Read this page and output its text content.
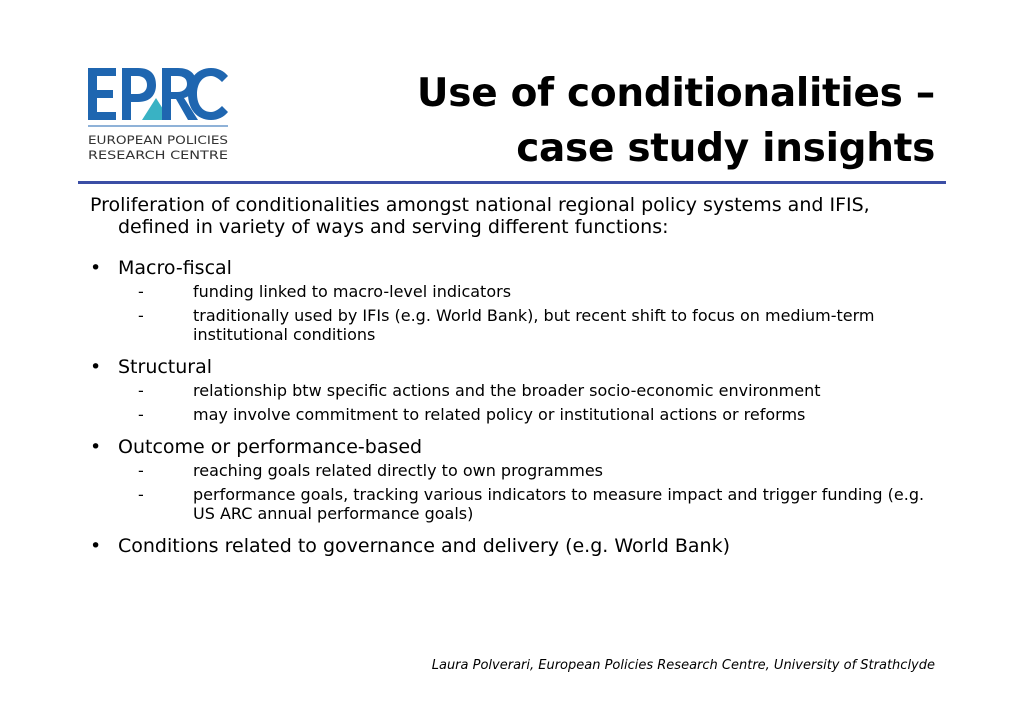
EUROPEAN POLICIES
RESEARCH CENTRE
Use of conditionalities –
case study insights
Proliferation of conditionalities amongst national regional policy systems and IFIS, defined in variety of ways and serving different functions:
• Macro-fiscal
-	funding linked to macro-level indicators
-	traditionally used by IFIs (e.g. World Bank), but recent shift to focus on medium-term institutional conditions
• Structural
-	relationship btw specific actions and the broader socio-economic environment
-	may involve commitment to related policy or institutional actions or reforms
• Outcome or performance-based
-	reaching goals related directly to own programmes
-	performance goals, tracking various indicators to measure impact and trigger funding (e.g. US ARC annual performance goals)
• Conditions related to governance and delivery (e.g. World Bank)
Laura Polverari, European Policies Research Centre, University of Strathclyde
